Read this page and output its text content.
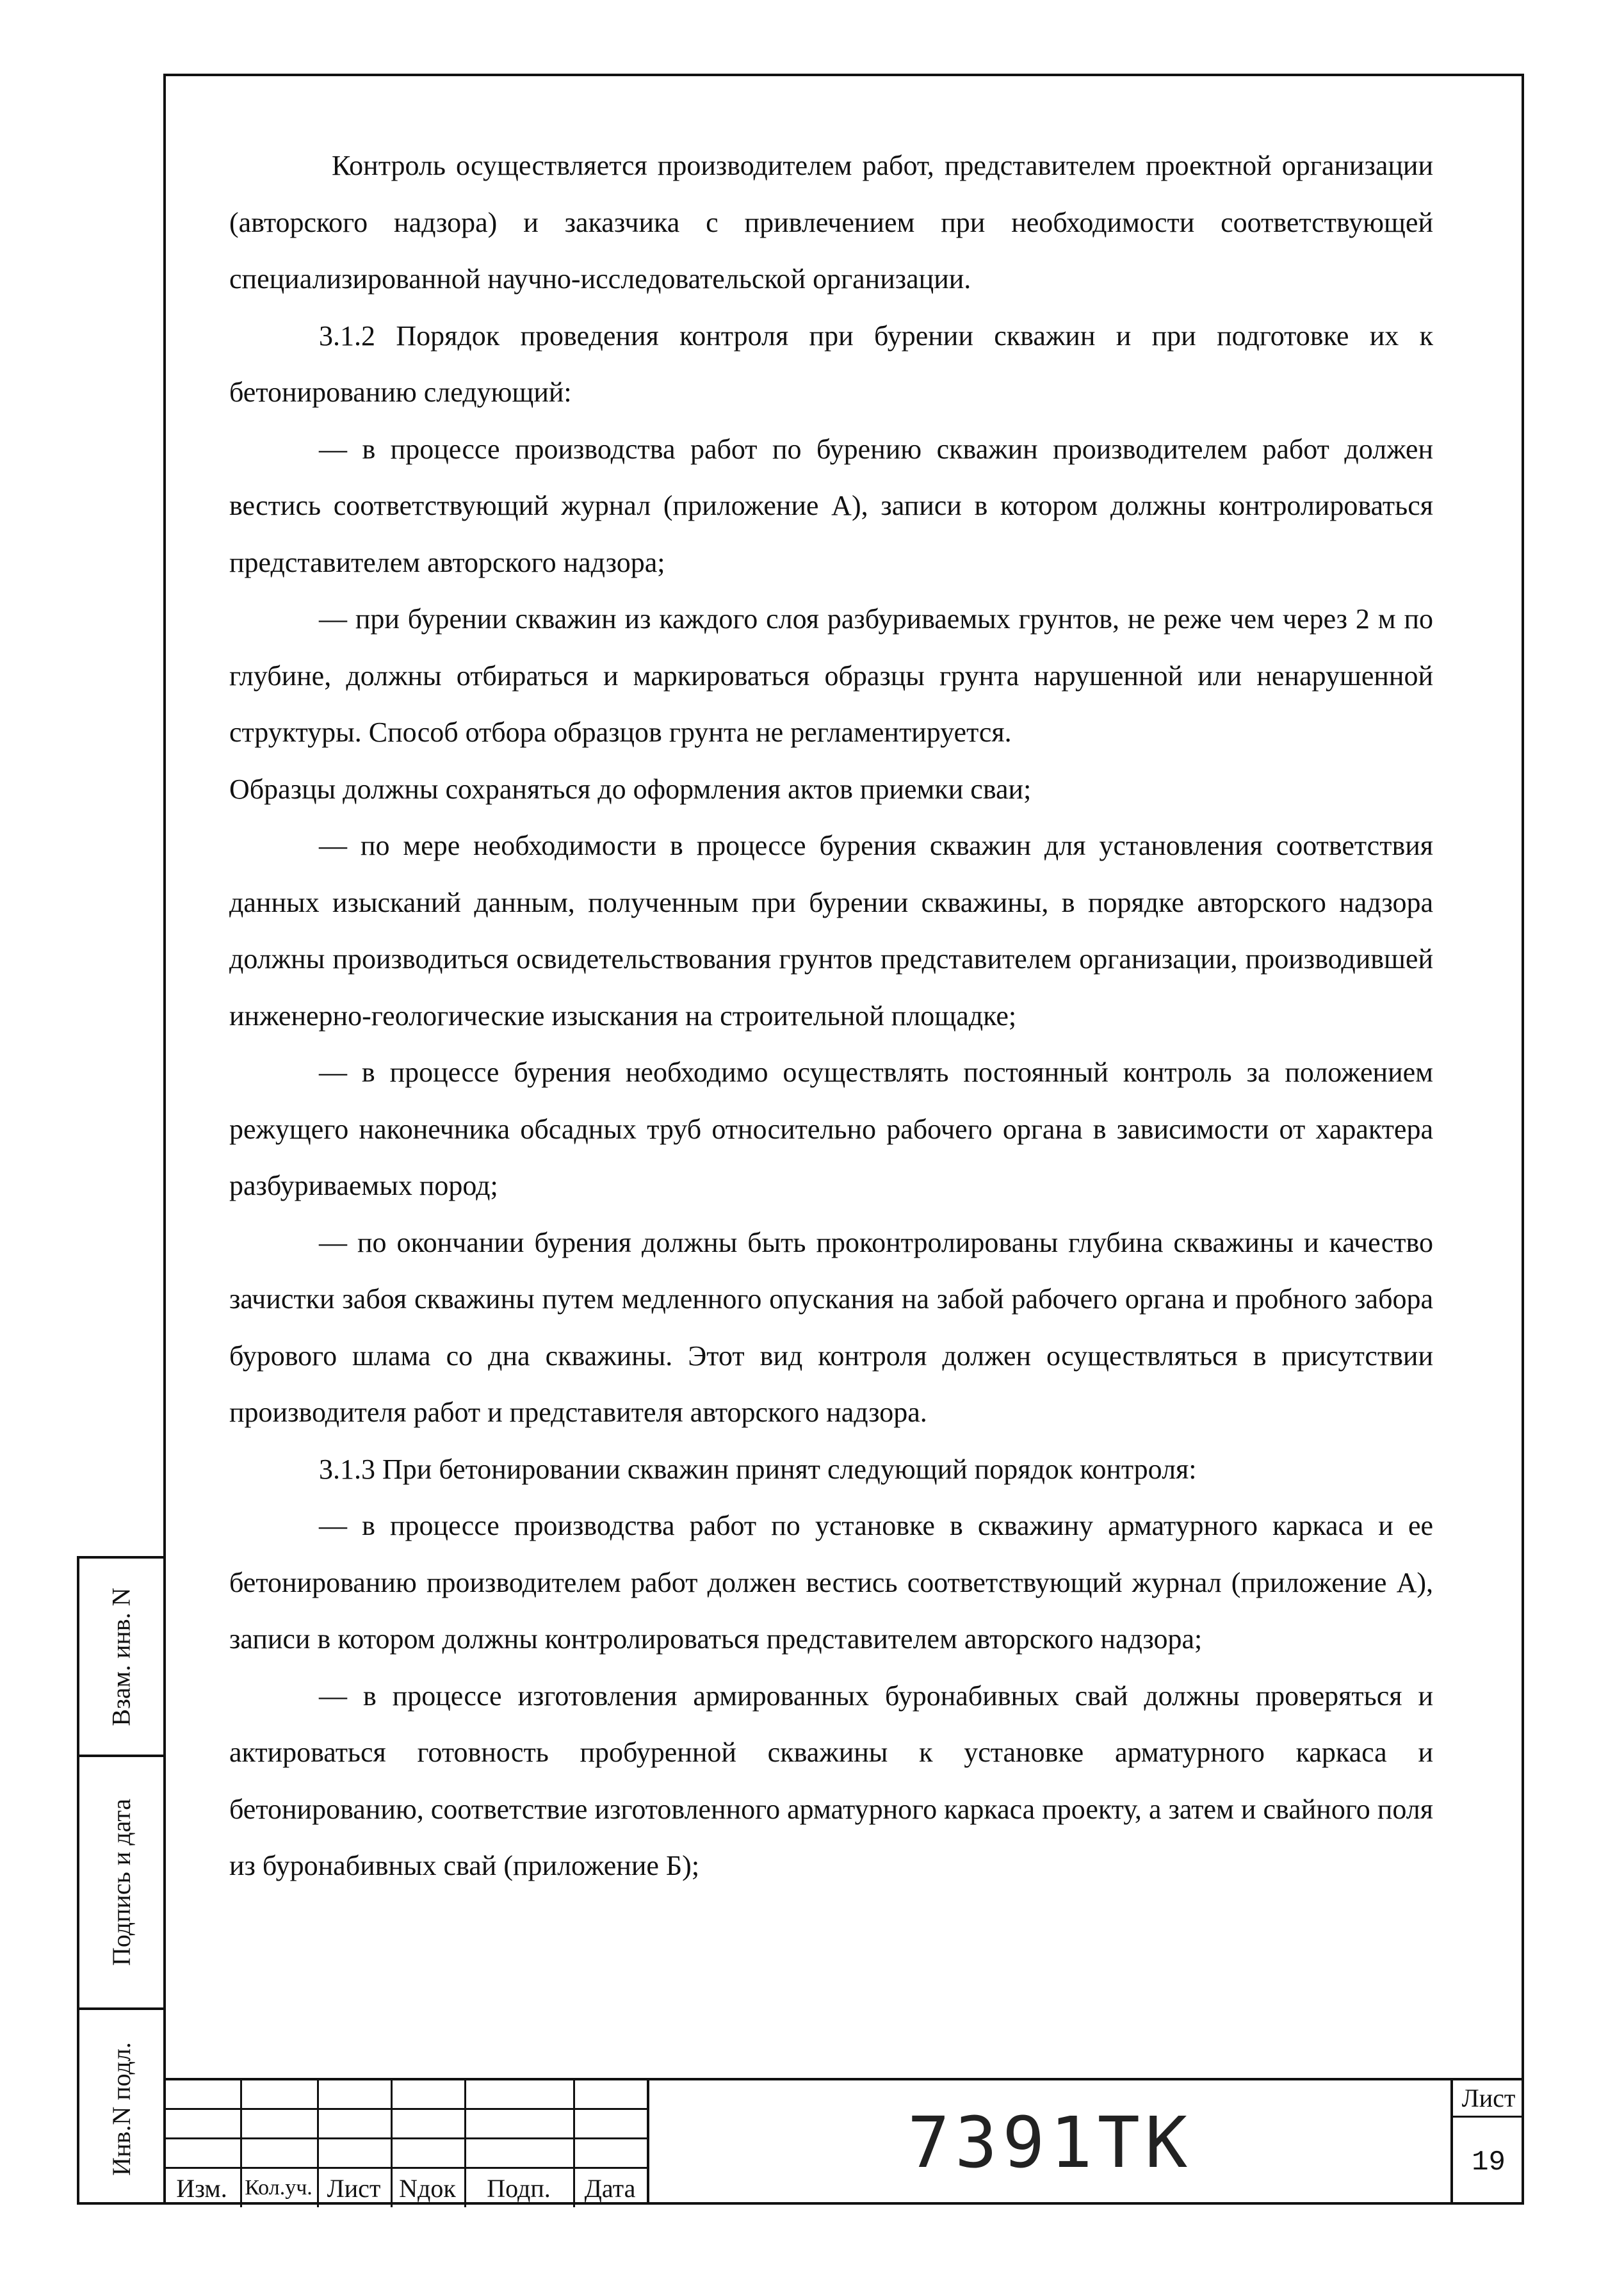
Контроль осуществляется производителем работ, представителем проектной организации (авторского надзора) и заказчика с привлечением при необходимости соответствующей специализированной научно-исследовательской организации.

3.1.2 Порядок проведения контроля при бурении скважин и при подготовке их к бетонированию следующий:

— в процессе производства работ по бурению скважин производителем работ должен вестись соответствующий журнал (приложение А), записи в котором должны контролироваться представителем авторского надзора;

— при бурении скважин из каждого слоя разбуриваемых грунтов, не реже чем через 2 м по глубине, должны отбираться и маркироваться образцы грунта нарушенной или ненарушенной структуры. Способ отбора образцов грунта не регламентируется.

Образцы должны сохраняться до оформления актов приемки сваи;

— по мере необходимости в процессе бурения скважин для установления соответствия данных изысканий данным, полученным при бурении скважины, в порядке авторского надзора должны производиться освидетельствования грунтов представителем организации, производившей инженерно-геологические изыскания на строительной площадке;

— в процессе бурения необходимо осуществлять постоянный контроль за положением режущего наконечника обсадных труб относительно рабочего органа в зависимости от характера разбуриваемых пород;

— по окончании бурения должны быть проконтролированы глубина скважины и качество зачистки забоя скважины путем медленного опускания на забой рабочего органа и пробного забора бурового шлама со дна скважины. Этот вид контроля должен осуществляться в присутствии производителя работ и представителя авторского надзора.

3.1.3 При бетонировании скважин принят следующий порядок контроля:

— в процессе производства работ по установке в скважину арматурного каркаса и ее бетонированию производителем работ должен вестись соответствующий журнал (приложение А), записи в котором должны контролироваться представителем авторского надзора;

— в процессе изготовления армированных буронабивных свай должны проверяться и актироваться готовность пробуренной скважины к установке арматурного каркаса и бетонированию, соответствие изготовленного арматурного каркаса проекту, а затем и свайного поля из буронабивных свай (приложение Б);

Взам. инв. N
Подпись и дата
Инв.N подл.
Изм. Кол.уч. Лист Nдок	Подп.	Дата
7391ТК
Лист
19
